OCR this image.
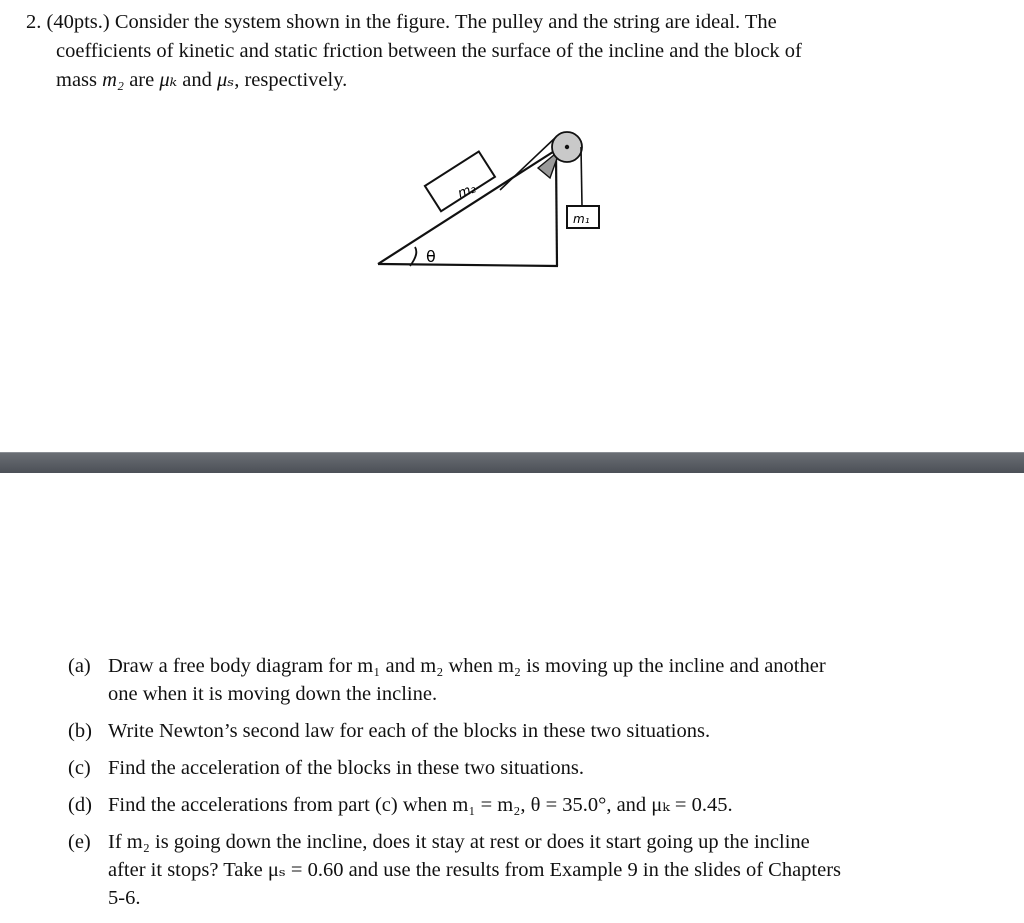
2. (40pts.) Consider the system shown in the figure. The pulley and the string are ideal. The
coefficients of kinetic and static friction between the surface of the incline and the block of
mass m₂ are μₖ and μₛ, respectively.
m₂
m₁
θ
(a) Draw a free body diagram for m₁ and m₂ when m₂ is moving up the incline and another
one when it is moving down the incline.
(b) Write Newton’s second law for each of the blocks in these two situations.
(c) Find the acceleration of the blocks in these two situations.
(d) Find the accelerations from part (c) when m₁ = m₂, θ = 35.0°, and μₖ = 0.45.
(e) If m₂ is going down the incline, does it stay at rest or does it start going up the incline
after it stops? Take μₛ = 0.60 and use the results from Example 9 in the slides of Chapters
5-6.
